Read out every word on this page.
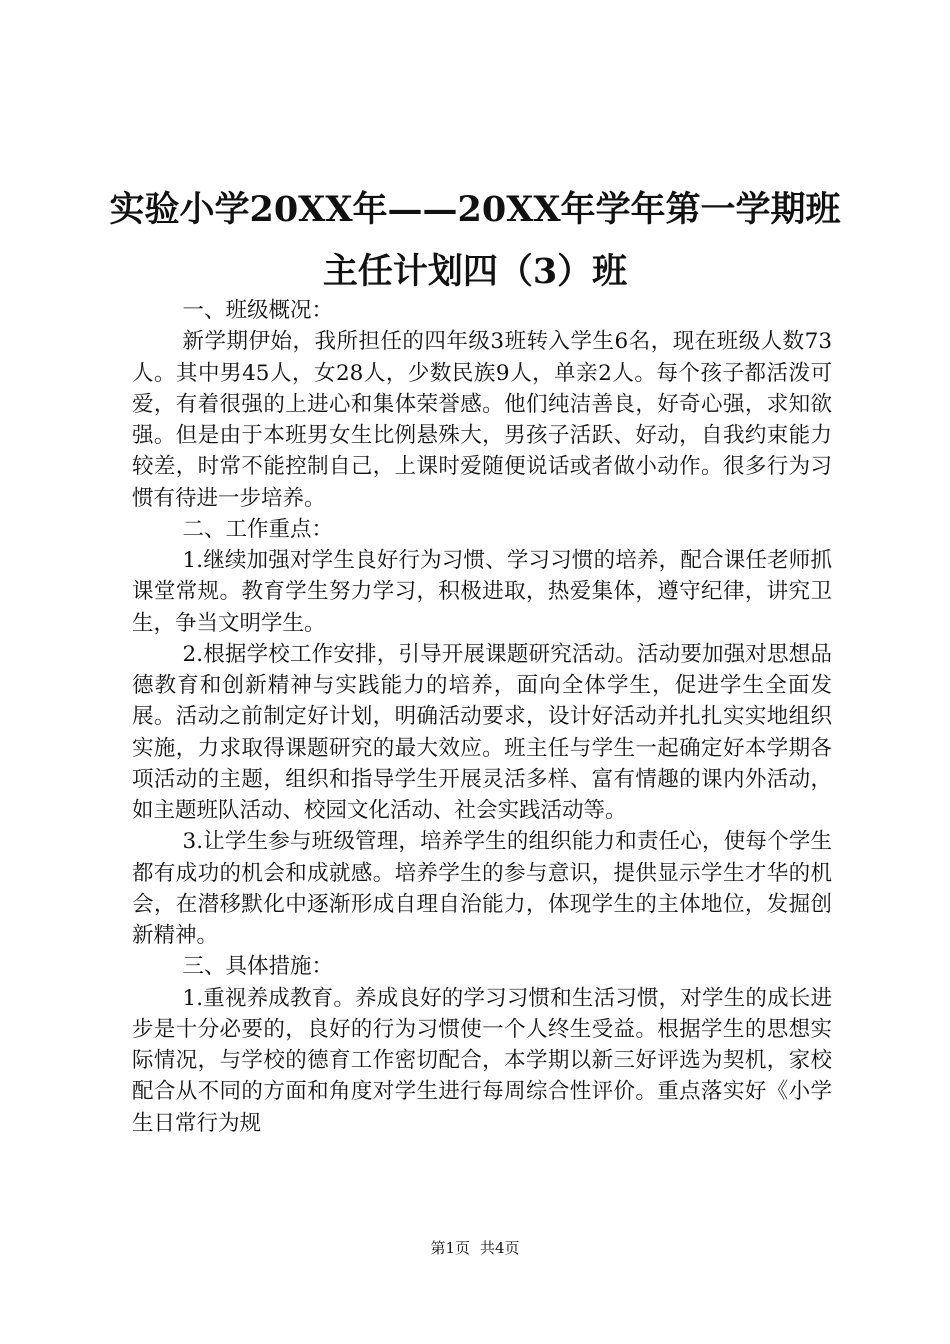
实验小学20XX年——20XX年学年第一学期班
主任计划四（3）班

一、班级概况：

新学期伊始，我所担任的四年级3班转入学生6名，现在班级人数73人。其中男45人，女28人，少数民族9人，单亲2人。每个孩子都活泼可爱，有着很强的上进心和集体荣誉感。他们纯洁善良，好奇心强，求知欲强。但是由于本班男女生比例悬殊大，男孩子活跃、好动，自我约束能力较差，时常不能控制自己，上课时爱随便说话或者做小动作。很多行为习惯有待进一步培养。

二、工作重点：

1.继续加强对学生良好行为习惯、学习习惯的培养，配合课任老师抓课堂常规。教育学生努力学习，积极进取，热爱集体，遵守纪律，讲究卫生，争当文明学生。

2.根据学校工作安排，引导开展课题研究活动。活动要加强对思想品德教育和创新精神与实践能力的培养，面向全体学生，促进学生全面发展。活动之前制定好计划，明确活动要求，设计好活动并扎扎实实地组织实施，力求取得课题研究的最大效应。班主任与学生一起确定好本学期各项活动的主题，组织和指导学生开展灵活多样、富有情趣的课内外活动，如主题班队活动、校园文化活动、社会实践活动等。

3.让学生参与班级管理，培养学生的组织能力和责任心，使每个学生都有成功的机会和成就感。培养学生的参与意识，提供显示学生才华的机会，在潜移默化中逐渐形成自理自治能力，体现学生的主体地位，发掘创新精神。

三、具体措施：

1.重视养成教育。养成良好的学习习惯和生活习惯，对学生的成长进步是十分必要的，良好的行为习惯使一个人终生受益。根据学生的思想实际情况，与学校的德育工作密切配合，本学期以新三好评选为契机，家校配合从不同的方面和角度对学生进行每周综合性评价。重点落实好《小学生日常行为规

第1页 共4页
